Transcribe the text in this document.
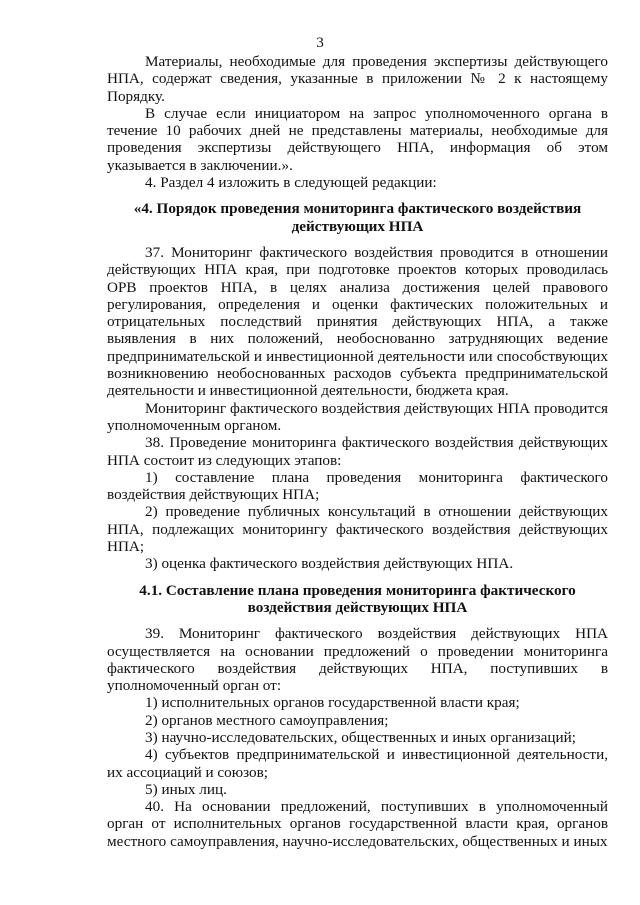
3

Материалы, необходимые для проведения экспертизы действующего НПА, содержат сведения, указанные в приложении № 2 к настоящему Порядку.

В случае если инициатором на запрос уполномоченного органа в течение 10 рабочих дней не представлены материалы, необходимые для проведения экспертизы действующего НПА, информация об этом указывается в заключении.».

4. Раздел 4 изложить в следующей редакции:

«4. Порядок проведения мониторинга фактического воздействия действующих НПА

37. Мониторинг фактического воздействия проводится в отношении действующих НПА края, при подготовке проектов которых проводилась ОРВ проектов НПА, в целях анализа достижения целей правового регулирования, определения и оценки фактических положительных и отрицательных последствий принятия действующих НПА, а также выявления в них положений, необоснованно затрудняющих ведение предпринимательской и инвестиционной деятельности или способствующих возникновению необоснованных расходов субъекта предпринимательской деятельности и инвестиционной деятельности, бюджета края.

Мониторинг фактического воздействия действующих НПА проводится уполномоченным органом.

38. Проведение мониторинга фактического воздействия действующих НПА состоит из следующих этапов:

1) составление плана проведения мониторинга фактического воздействия действующих НПА;

2) проведение публичных консультаций в отношении действующих НПА, подлежащих мониторингу фактического воздействия действующих НПА;

3) оценка фактического воздействия действующих НПА.

4.1. Составление плана проведения мониторинга фактического воздействия действующих НПА

39. Мониторинг фактического воздействия действующих НПА осуществляется на основании предложений о проведении мониторинга фактического воздействия действующих НПА, поступивших в уполномоченный орган от:

1) исполнительных органов государственной власти края;

2) органов местного самоуправления;

3) научно-исследовательских, общественных и иных организаций;

4) субъектов предпринимательской и инвестиционной деятельности, их ассоциаций и союзов;

5) иных лиц.

40. На основании предложений, поступивших в уполномоченный орган от исполнительных органов государственной власти края, органов местного самоуправления, научно-исследовательских, общественных и иных
